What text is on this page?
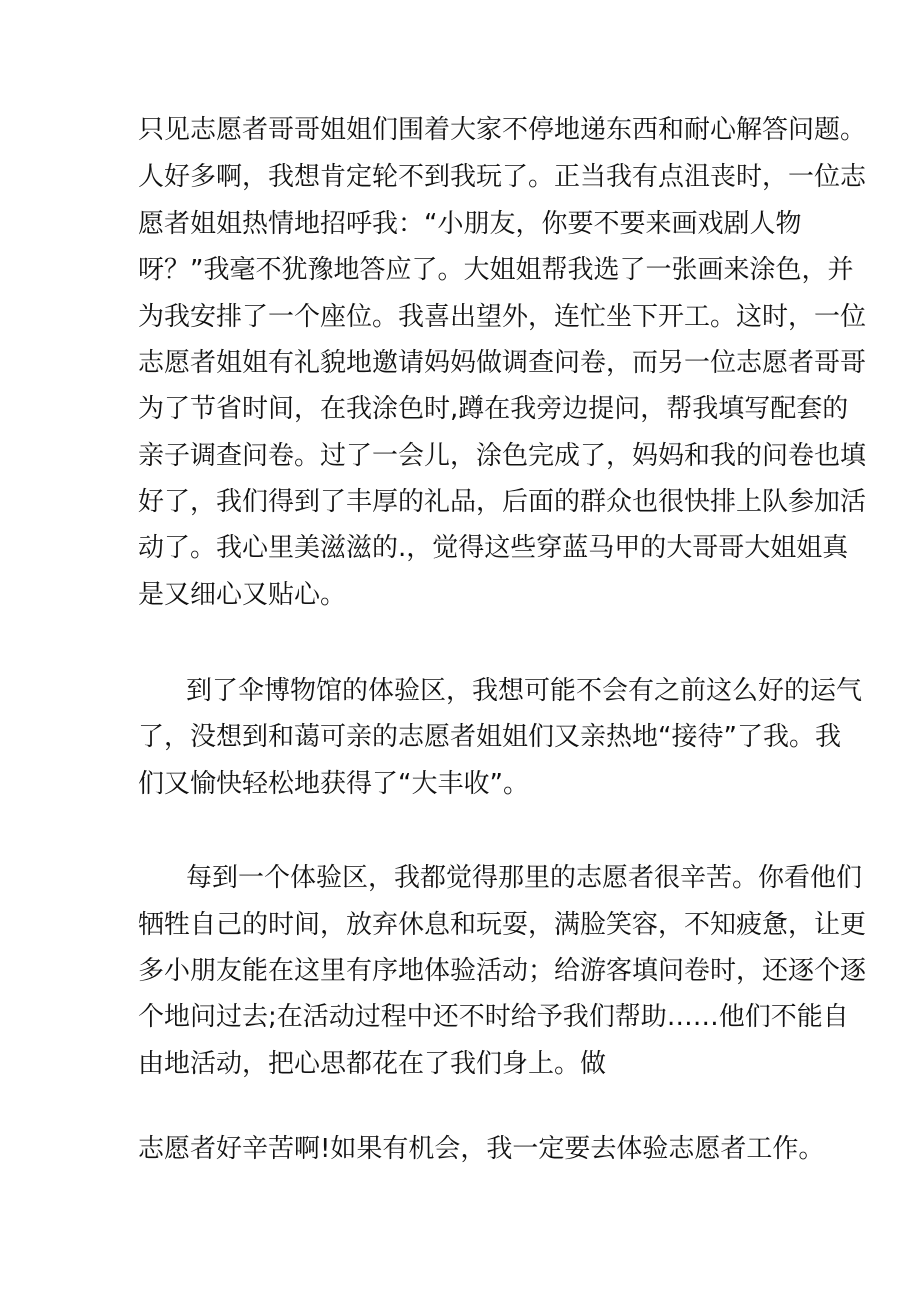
只见志愿者哥哥姐姐们围着大家不停地递东西和耐心解答问题。
人好多啊，我想肯定轮不到我玩了。正当我有点沮丧时，一位志
愿者姐姐热情地招呼我：“小朋友，你要不要来画戏剧人物
呀？”我毫不犹豫地答应了。大姐姐帮我选了一张画来涂色，并
为我安排了一个座位。我喜出望外，连忙坐下开工。这时，一位
志愿者姐姐有礼貌地邀请妈妈做调查问卷，而另一位志愿者哥哥
为了节省时间，在我涂色时,蹲在我旁边提问，帮我填写配套的
亲子调查问卷。过了一会儿，涂色完成了，妈妈和我的问卷也填
好了，我们得到了丰厚的礼品，后面的群众也很快排上队参加活
动了。我心里美滋滋的.，觉得这些穿蓝马甲的大哥哥大姐姐真
是又细心又贴心。
到了伞博物馆的体验区，我想可能不会有之前这么好的运气
了，没想到和蔼可亲的志愿者姐姐们又亲热地“接待”了我。我
们又愉快轻松地获得了“大丰收”。
每到一个体验区，我都觉得那里的志愿者很辛苦。你看他们
牺牲自己的时间，放弃休息和玩耍，满脸笑容，不知疲惫，让更
多小朋友能在这里有序地体验活动；给游客填问卷时，还逐个逐
个地问过去;在活动过程中还不时给予我们帮助……他们不能自
由地活动，把心思都花在了我们身上。做
志愿者好辛苦啊!如果有机会，我一定要去体验志愿者工作。
